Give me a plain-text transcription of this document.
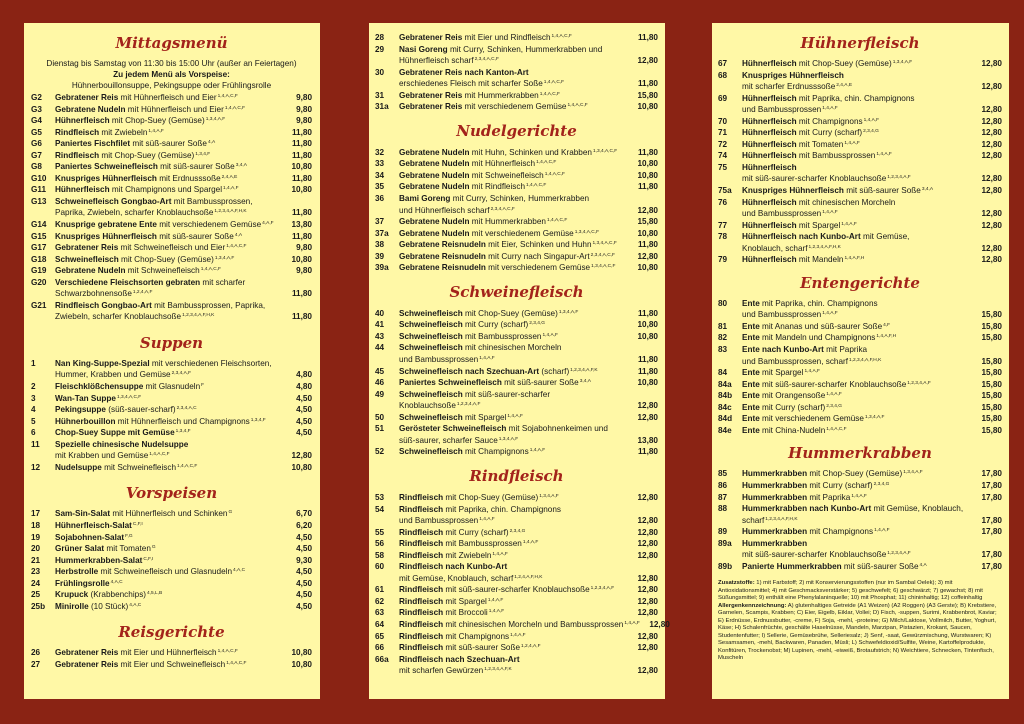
Mittagsmenü
Dienstag bis Samstag von 11:30 bis 15:00 Uhr (außer an Feiertagen)
Zu jedem Menü als Vorspeise:
Hühnerbouillonsuppe, Pekingsuppe oder Frühlingsrolle
G2	Gebratener Reis mit Hühnerfleisch und Eier$^{1,4,A,C,F}$	9,80
G3	Gebratene Nudeln mit Hühnerfleisch und Eier$^{1,4,A,C,F}$	9,80
G4	Hühnerfleisch mit Chop-Suey (Gemüse)$^{1,3,4,A,F}$	9,80
G5	Rindfleisch mit Zwiebeln$^{1,4,A,F}$	11,80
G6	Paniertes Fischfilet mit süß-saurer Soße$^{4,A}$	11,80
G7	Rindfleisch mit Chop-Suey (Gemüse)$^{1,3,4,F}$	11,80
G8	Paniertes Schweinefleisch mit süß-saurer Soße$^{3,4,A}$	10,80
G10	Knuspriges Hühnerfleisch mit Erdnusssoße$^{2,4,A,E}$	11,80
G11	Hühnerfleisch mit Champignons und Spargel$^{1,4,A,F}$	10,80
G13	Schweinefleisch Gongbao-Art mit Bambussprossen,
Paprika, Zwiebeln, scharfer Knoblauchsoße$^{1,2,3,4,A,F,H,K}$	11,80
G14	Knusprige gebratene Ente mit verschiedenem Gemüse$^{4,A,F}$	13,80
G15	Knuspriges Hühnerfleisch mit süß-saurer Soße$^{4,A}$	11,80
G17	Gebratener Reis mit Schweinefleisch und Eier$^{1,4,A,C,F}$	9,80
G18	Schweinefleisch mit Chop-Suey (Gemüse)$^{1,3,4,A,F}$	10,80
G19	Gebratene Nudeln mit Schweinefleisch$^{1,4,A,C,F}$	9,80
G20	Verschiedene Fleischsorten gebraten mit scharfer
Schwarzbohnensoße$^{1,2,4,A,F}$	11,80
G21	Rindfleisch Gongbao-Art mit Bambussprossen, Paprika,
Zwiebeln, scharfer Knoblauchsoße$^{1,2,3,4,A,F,H,K}$	11,80
Suppen
1	Nan King-Suppe-Spezial mit verschiedenen Fleischsorten,
Hummer, Krabben und Gemüse$^{2,3,4,A,F}$	4,80
2	Fleischklößchensuppe mit Glasnudeln$^F$	4,80
3	Wan-Tan Suppe$^{1,3,4,A,C,F}$	4,50
4	Pekingsuppe (süß-sauer-scharf)$^{2,3,4,A,C}$	4,50
5	Hühnerbouillon mit Hühnerfleisch und Champignons$^{1,3,4,F}$	4,50
6	Chop-Suey Suppe mit Gemüse$^{1,3,4,F}$	4,50
11	Spezielle chinesische Nudelsuppe
mit Krabben und Gemüse$^{1,4,A,C,F}$	12,80
12	Nudelsuppe mit Schweinefleisch$^{1,4,A,C,F}$	10,80
Vorspeisen
17	Sam-Sin-Salat mit Hühnerfleisch und Schinken$^G$	6,70
18	Hühnerfleisch-Salat$^{C,F,I}$	6,20
19	Sojabohnen-Salat$^{F,G}$	4,50
20	Grüner Salat mit Tomaten$^G$	4,50
21	Hummerkrabben-Salat$^{C,F,I}$	9,30
23	Herbstrolle mit Schweinefleisch und Glasnudeln$^{4,A,C}$	4,50
24	Frühlingsrolle$^{4,A,C}$	4,50
25	Krupuck (Krabbenchips)$^{4,5,L,B}$	4,50
25b	Minirolle (10 Stück)$^{4,A,C}$	4,50
Reisgerichte
26	Gebratener Reis mit Eier und Hühnerfleisch$^{1,4,A,C,F}$	10,80
27	Gebratener Reis mit Eier und Schweinefleisch$^{1,4,A,C,F}$	10,80
28	Gebratener Reis mit Eier und Rindfleisch$^{1,4,A,C,F}$	11,80
29	Nasi Goreng mit Curry, Schinken, Hummerkrabben und
Hühnerfleisch scharf$^{2,3,4,A,C,F}$	12,80
30	Gebratener Reis nach Kanton-Art
erschiedenes Fleisch mit scharfer Soße$^{1,4,A,C,F}$	11,80
31	Gebratener Reis mit Hummerkrabben$^{1,4,A,C,F}$	15,80
31a	Gebratener Reis mit verschiedenem Gemüse$^{1,4,A,C,F}$	10,80
Nudelgerichte
32	Gebratene Nudeln mit Huhn, Schinken und Krabben$^{1,3,4,A,C,F}$	11,80
33	Gebratene Nudeln mit Hühnerfleisch$^{1,4,A,C,F}$	10,80
34	Gebratene Nudeln mit Schweinefleisch$^{1,4,A,C,F}$	10,80
35	Gebratene Nudeln mit Rindfleisch$^{1,4,A,C,F}$	11,80
36	Bami Goreng mit Curry, Schinken, Hummerkrabben
und Hühnerfleisch scharf$^{2,3,4,A,C,F}$	12,80
37	Gebratene Nudeln mit Hummerkrabben$^{1,4,A,C,F}$	15,80
37a	Gebratene Nudeln mit verschiedenem Gemüse$^{1,3,4,A,C,F}$	10,80
38	Gebratene Reisnudeln mit Eier, Schinken und Huhn$^{1,3,4,A,C,F}$	11,80
39	Gebratene Reisnudeln mit Curry nach Singapur-Art$^{2,3,4,A,C,F}$	12,80
39a	Gebratene Reisnudeln mit verschiedenem Gemüse$^{1,3,4,A,C,F}$	10,80
Schweinefleisch
40	Schweinefleisch mit Chop-Suey (Gemüse)$^{1,3,4,A,F}$	11,80
41	Schweinefleisch mit Curry (scharf)$^{2,3,4,G}$	10,80
43	Schweinefleisch mit Bambussprossen$^{1,4,A,F}$	10,80
44	Schweinefleisch mit chinesischen Morcheln
und Bambussprossen$^{1,4,A,F}$	11,80
45	Schweinefleisch nach Szechuan-Art (scharf)$^{1,2,3,4,A,F,K}$	11,80
46	Paniertes Schweinefleisch mit süß-saurer Soße$^{3,4,A}$	10,80
49	Schweinefleisch mit süß-saurer-scharfer
Knoblauchsoße$^{1,2,3,4,A,F}$	12,80
50	Schweinefleisch mit Spargel$^{1,4,A,F}$	12,80
51	Gerösteter Schweinefleisch mit Sojabohnenkeimen und
süß-saurer, scharfer Sauce$^{1,3,4,A,F}$	13,80
52	Schweinefleisch mit Champignons$^{1,4,A,F}$	11,80
Rindfleisch
53	Rindfleisch mit Chop-Suey (Gemüse)$^{1,3,4,A,F}$	12,80
54	Rindfleisch mit Paprika, chin. Champignons
und Bambussprossen$^{1,4,A,F}$	12,80
55	Rindfleisch mit Curry (scharf)$^{2,3,4,G}$	12,80
56	Rindfleisch mit Bambussprossen$^{1,4,A,F}$	12,80
58	Rindfleisch mit Zwiebeln$^{1,4,A,F}$	12,80
60	Rindfleisch nach Kunbo-Art
mit Gemüse, Knoblauch, scharf$^{1,2,4,A,F,H,K}$	12,80
61	Rindfleisch mit süß-saurer-scharfer Knoblauchsoße$^{1,2,3,4,A,F}$	12,80
62	Rindfleisch mit Spargel$^{1,4,A,F}$	12,80
63	Rindfleisch mit Broccoli$^{1,4,A,F}$	12,80
64	Rindfleisch mit chinesischen Morcheln und Bambussprossen$^{1,4,A,F}$	12,80
65	Rindfleisch mit Champignons$^{1,4,A,F}$	12,80
66	Rindfleisch mit süß-saurer Soße$^{1,2,4,A,F}$	12,80
66a	Rindfleisch nach Szechuan-Art
mit scharfen Gewürzen$^{1,2,3,4,A,F,K}$	12,80
Hühnerfleisch
67	Hühnerfleisch mit Chop-Suey (Gemüse)$^{1,3,4,A,F}$	12,80
68	Knuspriges Hühnerfleisch
mit scharfer Erdnusssoße$^{2,4,A,E}$	12,80
69	Hühnerfleisch mit Paprika, chin. Champignons
und Bambussprossen$^{1,4,A,F}$	12,80
70	Hühnerfleisch mit Champignons$^{1,4,A,F}$	12,80
71	Hühnerfleisch mit Curry (scharf)$^{2,3,4,G}$	12,80
72	Hühnerfleisch mit Tomaten$^{1,4,A,F}$	12,80
74	Hühnerfleisch mit Bambussprossen$^{1,4,A,F}$	12,80
75	Hühnerfleisch
mit süß-saurer-scharfer Knoblauchsoße$^{1,2,3,4,A,F}$	12,80
75a	Knuspriges Hühnerfleisch mit süß-saurer Soße$^{3,4,A}$	12,80
76	Hühnerfleisch mit chinesischen Morcheln
und Bambussprossen$^{1,4,A,F}$	12,80
77	Hühnerfleisch mit Spargel$^{1,4,A,F}$	12,80
78	Hühnerfleisch nach Kunbo-Art mit Gemüse,
Knoblauch, scharf$^{1,2,3,4,A,F,H,K}$	12,80
79	Hühnerfleisch mit Mandeln$^{1,4,A,F,H}$	12,80
Entengerichte
80	Ente mit Paprika, chin. Champignons
und Bambussprossen$^{1,4,A,F}$	15,80
81	Ente mit Ananas und süß-saurer Soße$^{4,F}$	15,80
82	Ente mit Mandeln und Champignons$^{1,4,A,F,H}$	15,80
83	Ente nach Kunbo-Art mit Paprika
und Bambussprossen, scharf$^{1,2,3,4,A,F,H,K}$	15,80
84	Ente mit Spargel$^{1,4,A,F}$	15,80
84a	Ente mit süß-saurer-scharfer Knoblauchsoße$^{1,2,3,4,A,F}$	15,80
84b	Ente mit Orangensoße$^{1,4,A,F}$	15,80
84c	Ente mit Curry (scharf)$^{2,3,4,G}$	15,80
84d	Ente mit verschiedenem Gemüse$^{1,3,4,A,F}$	15,80
84e	Ente mit China-Nudeln$^{1,4,A,C,F}$	15,80
Hummerkrabben
85	Hummerkrabben mit Chop-Suey (Gemüse)$^{1,3,4,A,F}$	17,80
86	Hummerkrabben mit Curry (scharf)$^{2,3,4,G}$	17,80
87	Hummerkrabben mit Paprika$^{1,4,A,F}$	17,80
88	Hummerkrabben nach Kunbo-Art mit Gemüse, Knoblauch,
scharf$^{1,2,3,4,A,F,H,K}$	17,80
89	Hummerkrabben mit Champignons$^{1,4,A,F}$	17,80
89a	Hummerkrabben
mit süß-saurer-scharfer Knoblauchsoße$^{1,2,3,4,A,F}$	17,80
89b	Panierte Hummerkrabben mit süß-saurer Soße$^{4,A}$	17,80
Zusatzstoffe: 1) mit Farbstoff; 2) mit Konservierungsstoffen (nur im Sambal Oelek); 3) mit Antioxidationsmittel; 4) mit Geschmacksverstärker; 5) geschwefelt; 6) geschwärzt; 7) gewachst; 8) mit Süßungsmittel; 9) enthält eine Phenylalaninquelle; 10) mit Phosphat; 11) chininhaltig; 12) coffeinhaltig
Allergenkennzeichnung: A) glutenhaltiges Getreide (A1 Weizen) (A2 Roggen) (A3 Gerste); B) Krebstiere, Garnelen, Scampis, Krabben; C) Eier, Eigelb, Eiklar, Vollei; D) Fisch, -suppen, Surimi, Krabbenbrot, Kaviar; E) Erdnüsse, Erdnussbutter, -creme, F) Soja, -mehl, -proteine; G) Milch/Laktose, Vollmilch, Butter, Yoghurt, Käse; H) Schalenfrüchte, geschälte Haselnüsse, Mandeln, Marzipan, Pistazien, Krokant, Saucen, Studentenfutter; I) Sellerie, Gemüsebrühe, Selleriesalz; J) Senf, -saat, Gewürzmischung, Wurstwaren; K) Sesamsamen, -mehl, Backwaren, Panaden, Müsli; L) Schwefeldioxid/Sulfite, Weine, Kartoffelprodukte, Konfitüren, Trockenobst; M) Lupinen, -mehl, -eiweiß, Brotaufstrich; N) Weichtiere, Schnecken, Tintenfisch, Muscheln
